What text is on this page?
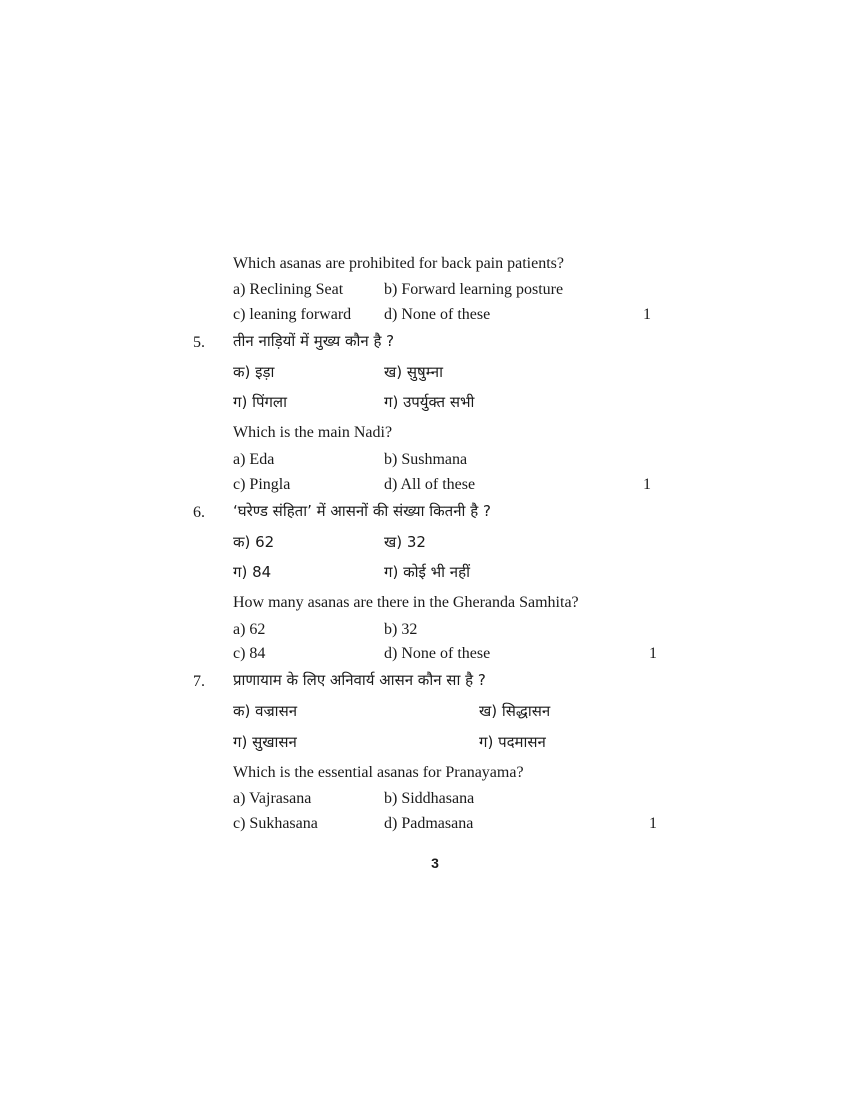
Which asanas are prohibited for back pain patients?
a) Reclining Seat	b) Forward learning posture
c) leaning forward d) None of these	1
5. तीन नाड़ियों में मुख्य कौन है ?
क) इड़ा	ख) सुषुम्ना
ग) पिंगला	ग) उपर्युक्त सभी
Which is the main Nadi?
a) Eda	b) Sushmana
c) Pingla	d) All of these	1
6. ‘घरेण्ड संहिता’ में आसनों की संख्या कितनी है ?
क) 62	ख) 32
ग) 84	ग) कोई भी नहीं
How many asanas are there in the Gheranda Samhita?
a) 62	b) 32
c) 84	d) None of these	1
7. प्राणायाम के लिए अनिवार्य आसन कौन सा है ?
क) वज्रासन	ख) सिद्धासन
ग) सुखासन	ग) पदमासन
Which is the essential asanas for Pranayama?
a) Vajrasana	b) Siddhasana
c) Sukhasana	d) Padmasana	1
3
